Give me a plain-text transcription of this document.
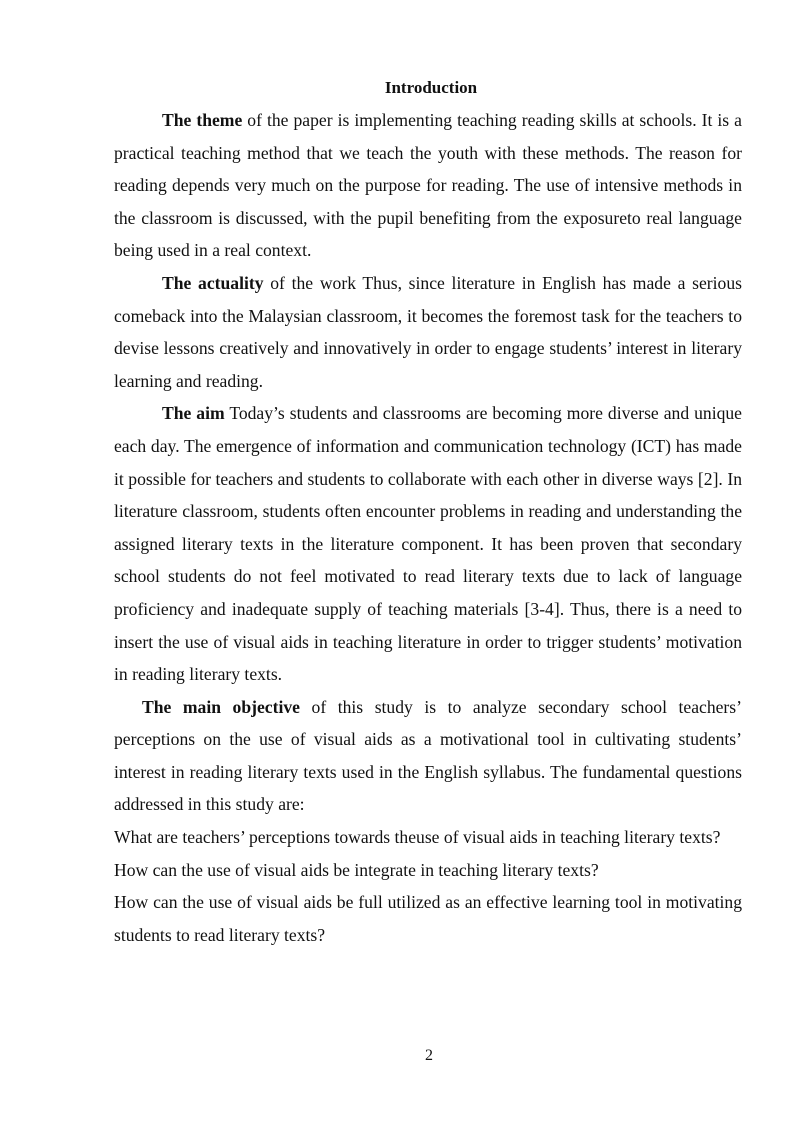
Introduction

The theme of the paper is implementing teaching reading skills at schools. It is a practical teaching method that we teach the youth with these methods. The reason for reading depends very much on the purpose for reading. The use of intensive methods in the classroom is discussed, with the pupil benefiting from the exposureto real language being used in a real context.

The actuality of the work Thus, since literature in English has made a serious comeback into the Malaysian classroom, it becomes the foremost task for the teachers to devise lessons creatively and innovatively in order to engage students’ interest in literary learning and reading.

The aim Today’s students and classrooms are becoming more diverse and unique each day. The emergence of information and communication technology (ICT) has made it possible for teachers and students to collaborate with each other in diverse ways [2]. In literature classroom, students often encounter problems in reading and understanding the assigned literary texts in the literature component. It has been proven that secondary school students do not feel motivated to read literary texts due to lack of language proficiency and inadequate supply of teaching materials [3-4]. Thus, there is a need to insert the use of visual aids in teaching literature in order to trigger students’ motivation in reading literary texts.

The main objective of this study is to analyze secondary school teachers’ perceptions on the use of visual aids as a motivational tool in cultivating students’ interest in reading literary texts used in the English syllabus. The fundamental questions addressed in this study are:

What are teachers’ perceptions towards theuse of visual aids in teaching literary texts?

How can the use of visual aids be integrate in teaching literary texts?

How can the use of visual aids be full utilized as an effective learning tool in motivating students to read literary texts?

2
